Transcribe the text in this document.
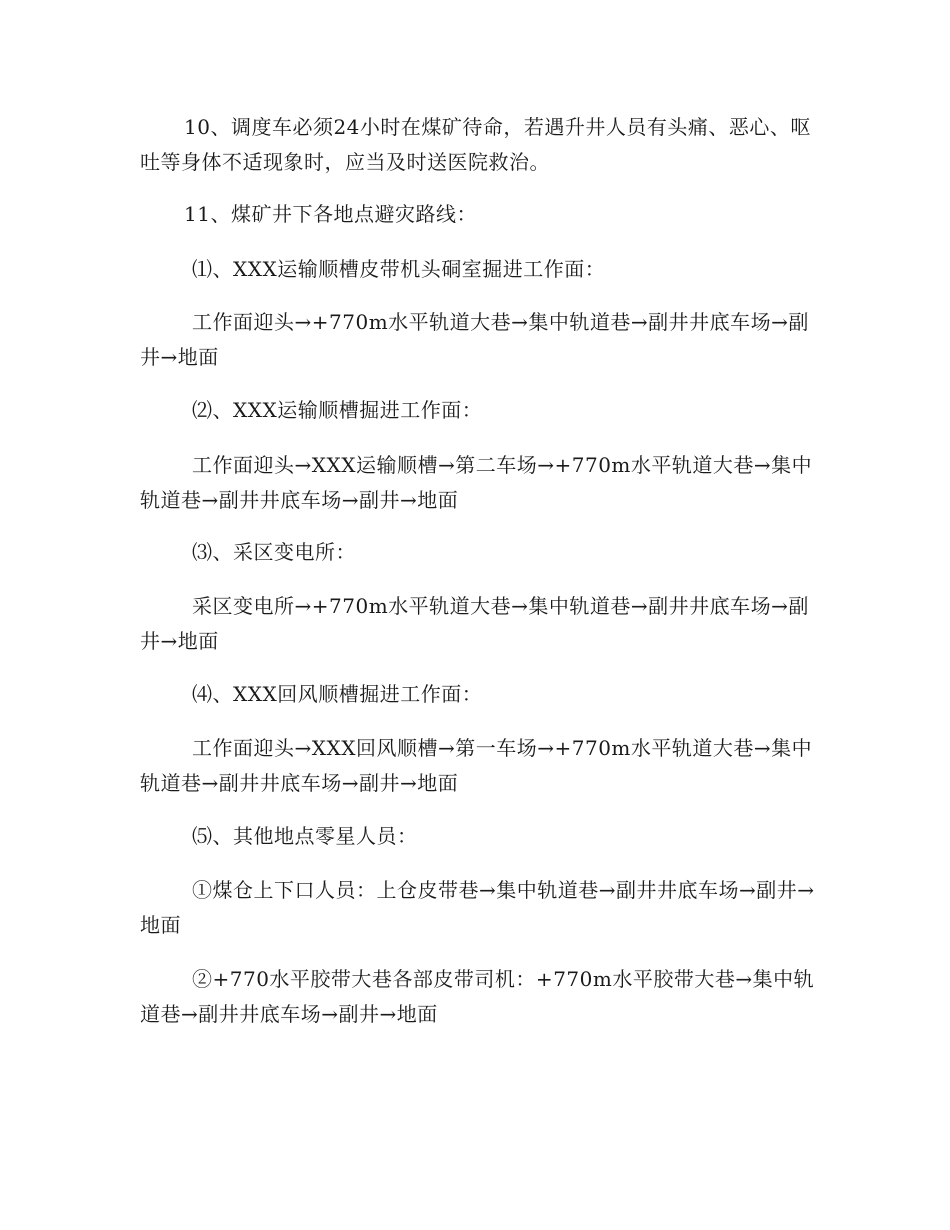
10、调度车必须24小时在煤矿待命，若遇升井人员有头痛、恶心、呕吐等身体不适现象时，应当及时送医院救治。
11、煤矿井下各地点避灾路线：
⑴、XXX运输顺槽皮带机头硐室掘进工作面：
工作面迎头→+770m水平轨道大巷→集中轨道巷→副井井底车场→副井→地面
⑵、XXX运输顺槽掘进工作面：
工作面迎头→XXX运输顺槽→第二车场→+770m水平轨道大巷→集中轨道巷→副井井底车场→副井→地面
⑶、采区变电所：
采区变电所→+770m水平轨道大巷→集中轨道巷→副井井底车场→副井→地面
⑷、XXX回风顺槽掘进工作面：
工作面迎头→XXX回风顺槽→第一车场→+770m水平轨道大巷→集中轨道巷→副井井底车场→副井→地面
⑸、其他地点零星人员：
①煤仓上下口人员：上仓皮带巷→集中轨道巷→副井井底车场→副井→地面
②+770水平胶带大巷各部皮带司机：+770m水平胶带大巷→集中轨道巷→副井井底车场→副井→地面
